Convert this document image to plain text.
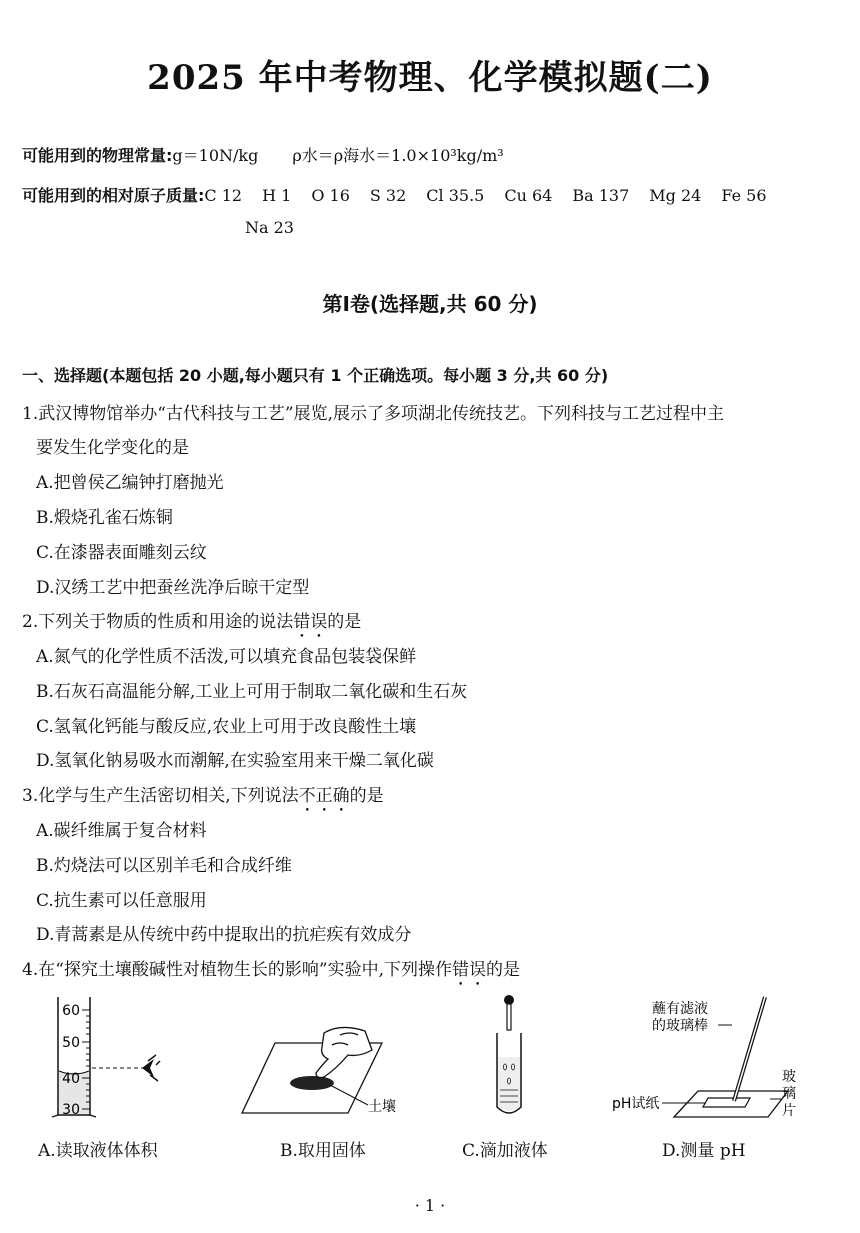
2025 年中考物理、化学模拟题(二)
可能用到的物理常量:g＝10N/kg ρ水＝ρ海水＝1.0×10³kg/m³
可能用到的相对原子质量:C 12 H 1 O 16 S 32 Cl 35.5 Cu 64 Ba 137 Mg 24 Fe 56
Na 23
第Ⅰ卷(选择题,共 60 分)
一、选择题(本题包括 20 小题,每小题只有 1 个正确选项。每小题 3 分,共 60 分)
1.武汉博物馆举办“古代科技与工艺”展览,展示了多项湖北传统技艺。下列科技与工艺过程中主
要发生化学变化的是
A.把曾侯乙编钟打磨抛光
B.煅烧孔雀石炼铜
C.在漆器表面雕刻云纹
D.汉绣工艺中把蚕丝洗净后晾干定型
2.下列关于物质的性质和用途的说法错误的是
A.氮气的化学性质不活泼,可以填充食品包装袋保鲜
B.石灰石高温能分解,工业上可用于制取二氧化碳和生石灰
C.氢氧化钙能与酸反应,农业上可用于改良酸性土壤
D.氢氧化钠易吸水而潮解,在实验室用来干燥二氧化碳
3.化学与生产生活密切相关,下列说法不正确的是
A.碳纤维属于复合材料
B.灼烧法可以区别羊毛和合成纤维
C.抗生素可以任意服用
D.青蒿素是从传统中药中提取出的抗疟疾有效成分
4.在“探究土壤酸碱性对植物生长的影响”实验中,下列操作错误的是
60
50
40
30
A.读取液体体积
土壤
B.取用固体	C.滴加液体
蘸有滤液
的玻璃棒
pH试纸
玻
璃
片
D.测量 pH
· 1 ·
